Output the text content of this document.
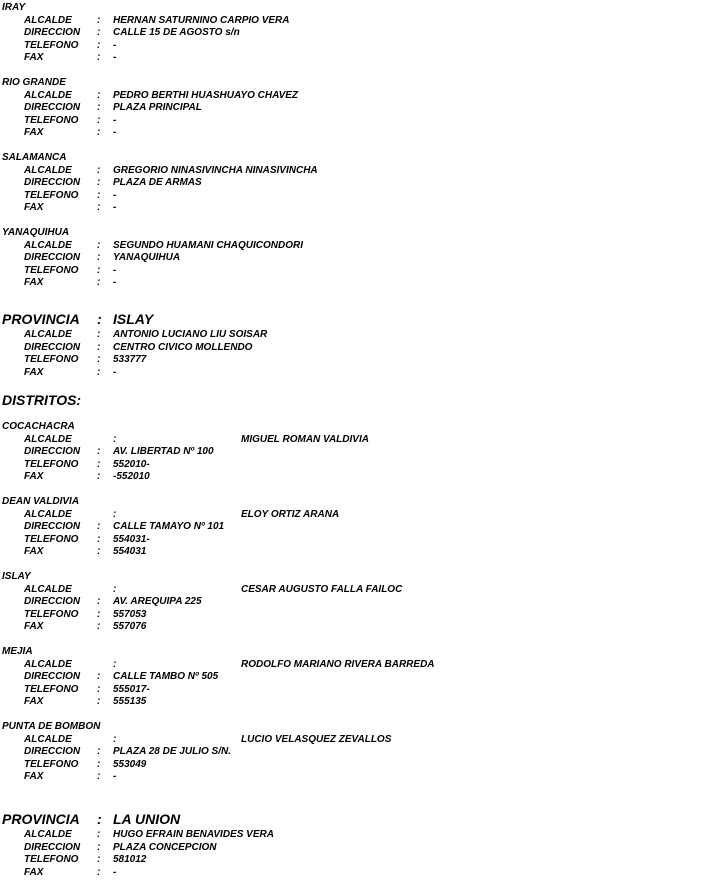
IRAY
ALCALDE	: HERNAN SATURNINO CARPIO VERA
DIRECCION : CALLE 15 DE AGOSTO s/n
TELEFONO : -
FAX	: -
RIO GRANDE
ALCALDE	: PEDRO BERTHI HUASHUAYO CHAVEZ
DIRECCION : PLAZA PRINCIPAL
TELEFONO : -
FAX	: -
SALAMANCA
ALCALDE	: GREGORIO NINASIVINCHA NINASIVINCHA
DIRECCION : PLAZA DE ARMAS
TELEFONO : -
FAX	: -
YANAQUIHUA
ALCALDE	: SEGUNDO HUAMANI CHAQUICONDORI
DIRECCION : YANAQUIHUA
TELEFONO : -
FAX	: -
PROVINCIA : ISLAY
ALCALDE	: ANTONIO LUCIANO LIU SOISAR
DIRECCION : CENTRO CIVICO MOLLENDO
TELEFONO : 533777
FAX	: -
DISTRITOS:
COCACHACRA
ALCALDE	:	MIGUEL ROMAN VALDIVIA
DIRECCION : AV. LIBERTAD Nº 100
TELEFONO : 552010-
FAX	: -552010
DEAN VALDIVIA
ALCALDE	:	ELOY ORTIZ ARANA
DIRECCION : CALLE TAMAYO Nº 101
TELEFONO : 554031-
FAX	: 554031
ISLAY
ALCALDE	:	CESAR AUGUSTO FALLA FAILOC
DIRECCION : AV. AREQUIPA 225
TELEFONO : 557053
FAX	: 557076
MEJIA
ALCALDE	:	RODOLFO MARIANO RIVERA BARREDA
DIRECCION : CALLE TAMBO Nº 505
TELEFONO : 555017-
FAX	: 555135
PUNTA DE BOMBON
ALCALDE	:	LUCIO VELASQUEZ ZEVALLOS
DIRECCION : PLAZA 28 DE JULIO S/N.
TELEFONO : 553049
FAX	: -
PROVINCIA : LA UNION
ALCALDE	: HUGO EFRAIN BENAVIDES VERA
DIRECCION : PLAZA CONCEPCION
TELEFONO : 581012
FAX	: -
